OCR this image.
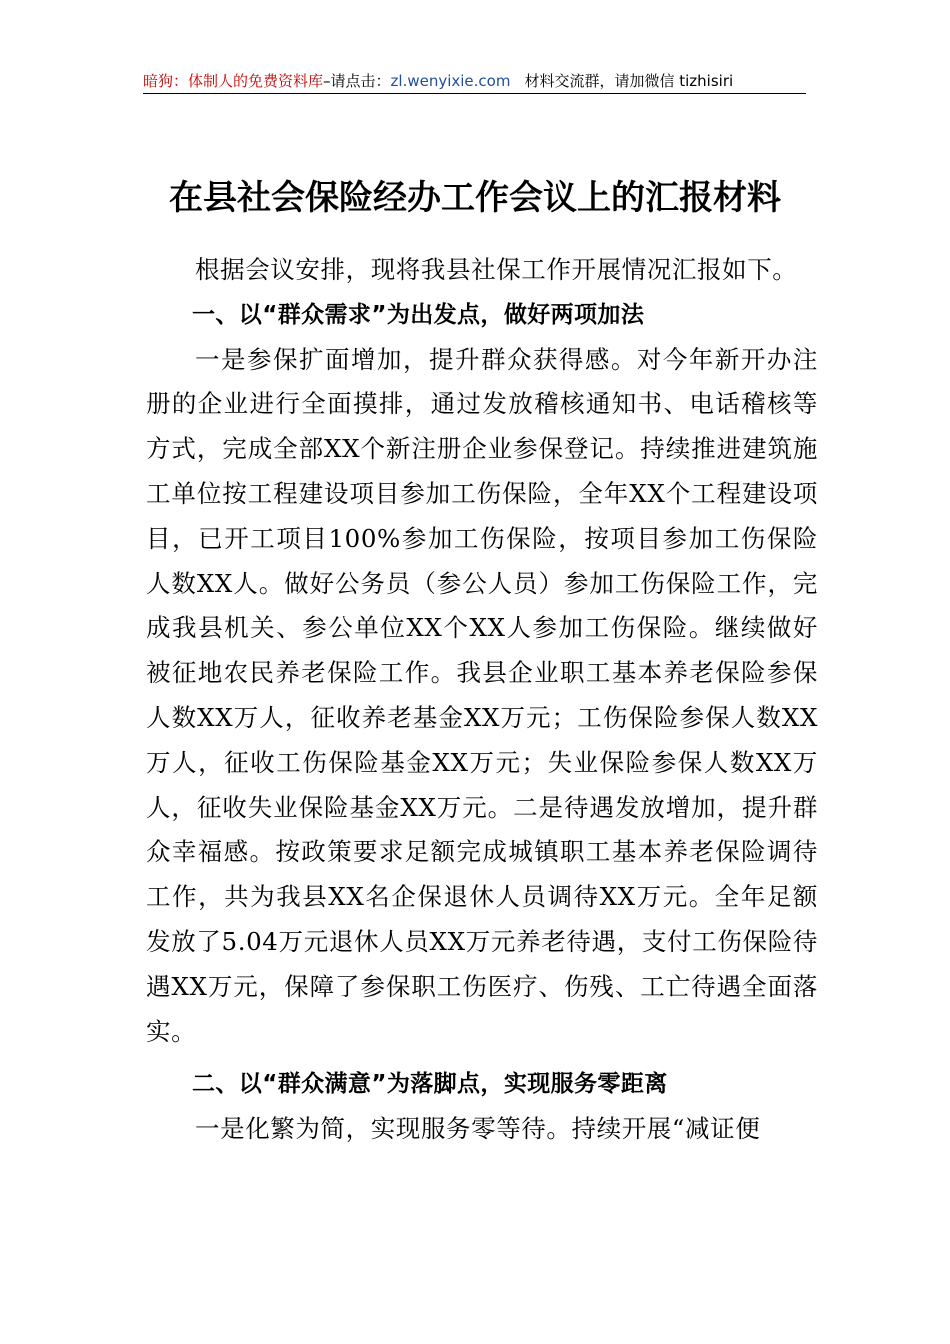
暗狗：体制人的免费资料库–请点击：zl.wenyixie.com 材料交流群，请加微信 tizhisiri
在县社会保险经办工作会议上的汇报材料

根据会议安排，现将我县社保工作开展情况汇报如下。

一、以“群众需求”为出发点，做好两项加法

一是参保扩面增加，提升群众获得感。对今年新开办注册的企业进行全面摸排，通过发放稽核通知书、电话稽核等方式，完成全部XX个新注册企业参保登记。持续推进建筑施工单位按工程建设项目参加工伤保险，全年XX个工程建设项目，已开工项目100%参加工伤保险，按项目参加工伤保险人数XX人。做好公务员（参公人员）参加工伤保险工作，完成我县机关、参公单位XX个XX人参加工伤保险。继续做好被征地农民养老保险工作。我县企业职工基本养老保险参保人数XX万人，征收养老基金XX万元；工伤保险参保人数XX万人，征收工伤保险基金XX万元；失业保险参保人数XX万人，征收失业保险基金XX万元。二是待遇发放增加，提升群众幸福感。按政策要求足额完成城镇职工基本养老保险调待工作，共为我县XX名企保退休人员调待XX万元。全年足额发放了5.04万元退休人员XX万元养老待遇，支付工伤保险待遇XX万元，保障了参保职工伤医疗、伤残、工亡待遇全面落实。

二、以“群众满意”为落脚点，实现服务零距离

一是化繁为简，实现服务零等待。持续开展“减证便
